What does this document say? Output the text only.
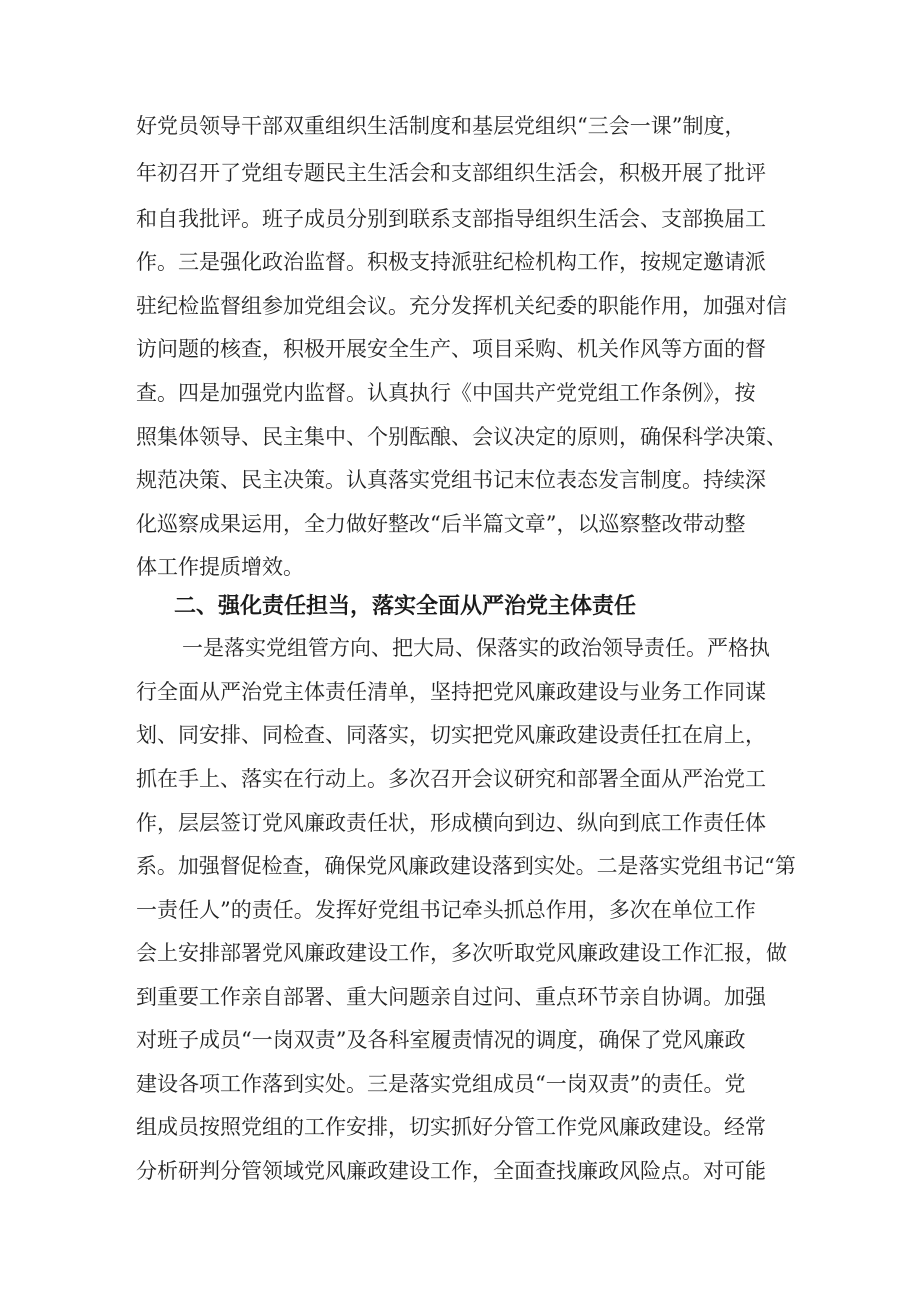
好党员领导干部双重组织生活制度和基层党组织“三会一课”制度，
年初召开了党组专题民主生活会和支部组织生活会，积极开展了批评
和自我批评。班子成员分别到联系支部指导组织生活会、支部换届工
作。三是强化政治监督。积极支持派驻纪检机构工作，按规定邀请派
驻纪检监督组参加党组会议。充分发挥机关纪委的职能作用，加强对信
访问题的核查，积极开展安全生产、项目采购、机关作风等方面的督
查。四是加强党内监督。认真执行《中国共产党党组工作条例》，按
照集体领导、民主集中、个别酝酿、会议决定的原则，确保科学决策、
规范决策、民主决策。认真落实党组书记末位表态发言制度。持续深
化巡察成果运用，全力做好整改“后半篇文章”，以巡察整改带动整
体工作提质增效。
二、强化责任担当，落实全面从严治党主体责任
一是落实党组管方向、把大局、保落实的政治领导责任。严格执
行全面从严治党主体责任清单，坚持把党风廉政建设与业务工作同谋
划、同安排、同检查、同落实，切实把党风廉政建设责任扛在肩上，
抓在手上、落实在行动上。多次召开会议研究和部署全面从严治党工
作，层层签订党风廉政责任状，形成横向到边、纵向到底工作责任体
系。加强督促检查，确保党风廉政建设落到实处。二是落实党组书记“第
一责任人”的责任。发挥好党组书记牵头抓总作用，多次在单位工作
会上安排部署党风廉政建设工作，多次听取党风廉政建设工作汇报，做
到重要工作亲自部署、重大问题亲自过问、重点环节亲自协调。加强
对班子成员“一岗双责”及各科室履责情况的调度，确保了党风廉政
建设各项工作落到实处。三是落实党组成员“一岗双责”的责任。党
组成员按照党组的工作安排，切实抓好分管工作党风廉政建设。经常
分析研判分管领域党风廉政建设工作，全面查找廉政风险点。对可能
